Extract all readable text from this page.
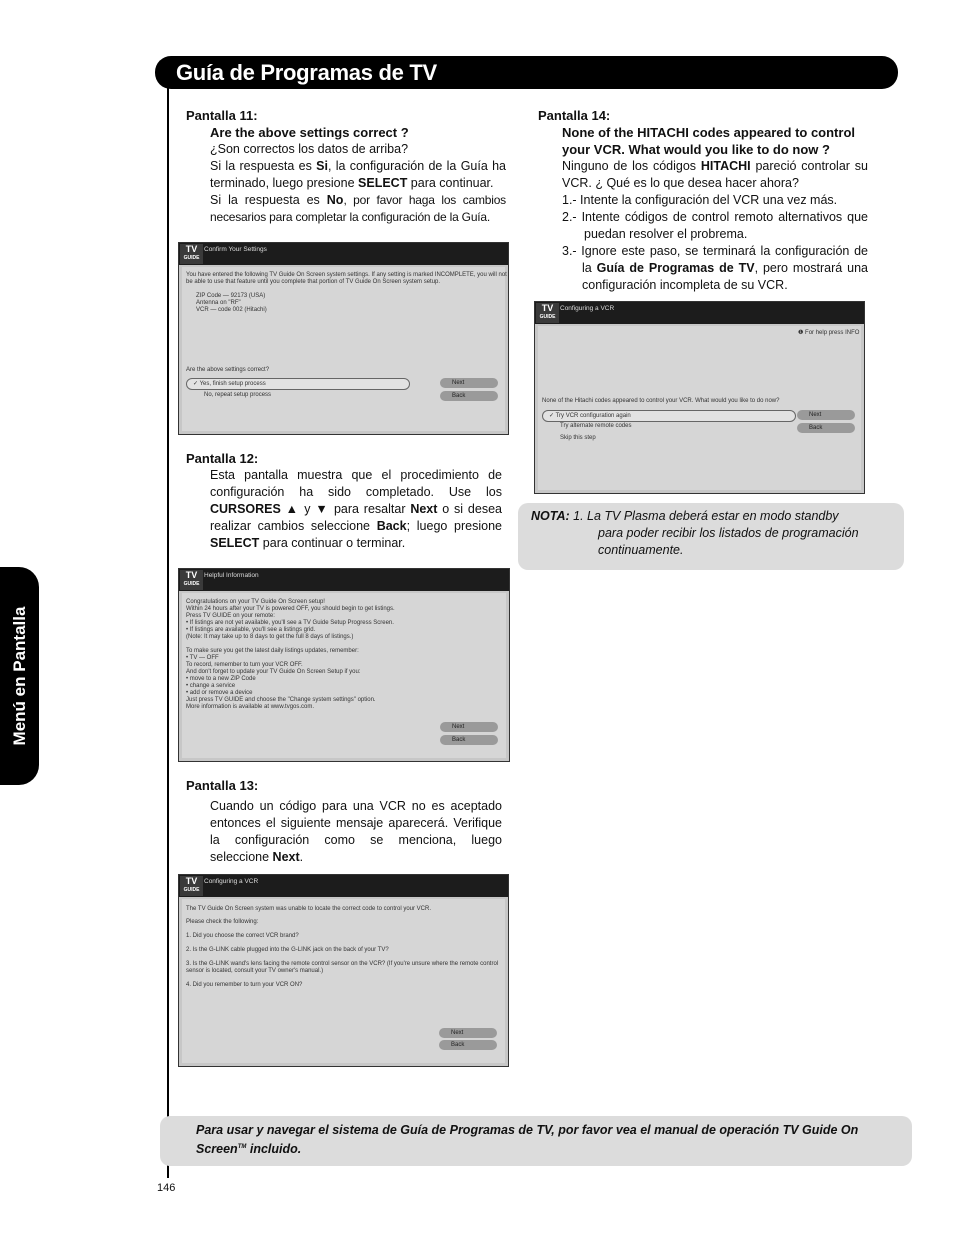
Guía de Programas de TV
Menú en Pantalla
Pantalla 11:
Are the above settings correct ?
¿Son correctos los datos de arriba?
Si la respuesta es Si, la configuración de la Guía ha terminado, luego presione SELECT para continuar.
Si la respuesta es No, por favor haga los cambios necesarios para completar la configuración de la Guía.
TV
GUIDE
Confirm Your Settings
You have entered the following TV Guide On Screen system settings. If any setting is marked INCOMPLETE, you will not
be able to use that feature until you complete that portion of TV Guide On Screen system setup.
ZIP Code — 92173 (USA)
Antenna on "RF"
VCR — code 002 (Hitachi)
Are the above settings correct?
✓ Yes, finish setup process
No, repeat setup process
Next
Back
Pantalla 12:
Esta pantalla muestra que el procedimiento de configuración ha sido completado. Use los CURSORES ▲ y ▼ para resaltar Next o si desea realizar cambios seleccione Back; luego presione SELECT para continuar o terminar.
TV
GUIDE
Helpful Information
Congratulations on your TV Guide On Screen setup!
Within 24 hours after your TV is powered OFF, you should begin to get listings.
Press TV GUIDE on your remote:
• If listings are not yet available, you'll see a TV Guide Setup Progress Screen.
• If listings are available, you'll see a listings grid.
(Note: It may take up to 8 days to get the full 8 days of listings.)
To make sure you get the latest daily listings updates, remember:
• TV — OFF
To record, remember to turn your VCR OFF.
And don't forget to update your TV Guide On Screen Setup if you:
• move to a new ZIP Code
• change a service
• add or remove a device
Just press TV GUIDE and choose the "Change system settings" option.
More information is available at www.tvgos.com.
Next
Back
Pantalla 13:
Cuando un código para una VCR no es aceptado entonces el siguiente mensaje aparecerá. Verifique la configuración como se menciona, luego seleccione Next.
TV
GUIDE
Configuring a VCR
The TV Guide On Screen system was unable to locate the correct code to control your VCR.
Please check the following:
1. Did you choose the correct VCR brand?
2. Is the G-LINK cable plugged into the G-LINK jack on the back of your TV?
3. Is the G-LINK wand's lens facing the remote control sensor on the VCR? (If you're unsure where the remote control
sensor is located, consult your TV owner's manual.)
4. Did you remember to turn your VCR ON?
Next
Back
Pantalla 14:
None of the HITACHI codes appeared to control your VCR. What would you like to do now ?
Ninguno de los códigos HITACHI pareció controlar su VCR. ¿ Qué es lo que desea hacer ahora?
1.- Intente la configuración del VCR una vez más.
2.- Intente códigos de control remoto alternativos que puedan resolver el probrema.
3.- Ignore este paso, se terminará la configuración de la Guía de Programas de TV, pero mostrará una configuración incompleta de su VCR.
TV
GUIDE
Configuring a VCR
❶ For help press INFO
None of the Hitachi codes appeared to control your VCR. What would you like to do now?
✓ Try VCR configuration again
Try alternate remote codes
Skip this step
Next
Back
NOTA: 1. La TV Plasma deberá estar en modo standby
para poder recibir los listados de programación
continuamente.
Para usar y navegar el sistema de Guía de Programas de TV, por favor vea el manual de operación TV Guide On
Screen™ incluido.
146
